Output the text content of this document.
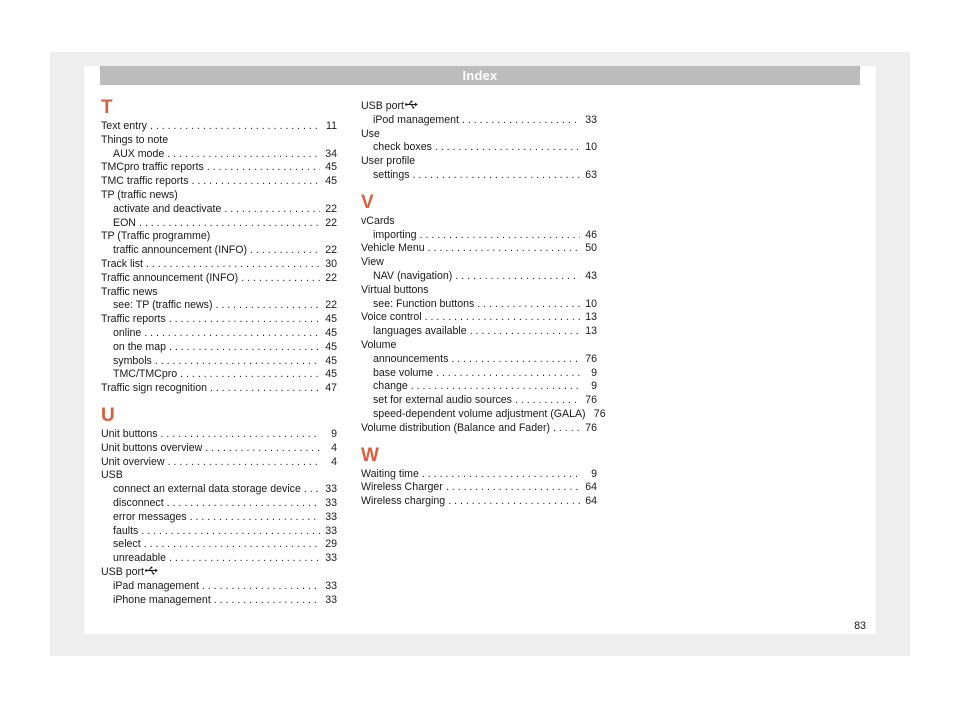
Index
T
Text entry . . .	11
Things to note
AUX mode . . .	34
TMCpro traffic reports . . .	45
TMC traffic reports . . .	45
TP (traffic news)
activate and deactivate . . .	22
EON . . .	22
TP (Traffic programme)
traffic announcement (INFO) . . .	22
Track list . . .	30
Traffic announcement (INFO) . . .	22
Traffic news
see: TP (traffic news) . . .	22
Traffic reports . . .	45
online . . .	45
on the map . . .	45
symbols . . .	45
TMC/TMCpro . . .	45
Traffic sign recognition . . .	47
U
Unit buttons . . .	9
Unit buttons overview . . .	4
Unit overview . . .	4
USB
connect an external data storage device . . . 33
disconnect . . .	33
error messages . . .	33
faults . . .	33
select . . .	29
unreadable . . .	33
USB port
iPad management . . .	33
iPhone management . . .	33
USB port
iPod management . . .	33
Use
check boxes . . .	10
User profile
settings . . .	63
V
vCards
importing . . .	46
Vehicle Menu . . .	50
View
NAV (navigation) . . .	43
Virtual buttons
see: Function buttons . . .	10
Voice control . . .	13
languages available . . .	13
Volume
announcements . . .	76
base volume . . .	9
change . . .	9
set for external audio sources . . .	76
speed-dependent volume adjustment (GALA) 76
Volume distribution (Balance and Fader) . . .	76
W
Waiting time . . .	9
Wireless Charger . . .	64
Wireless charging . . .	64
83
